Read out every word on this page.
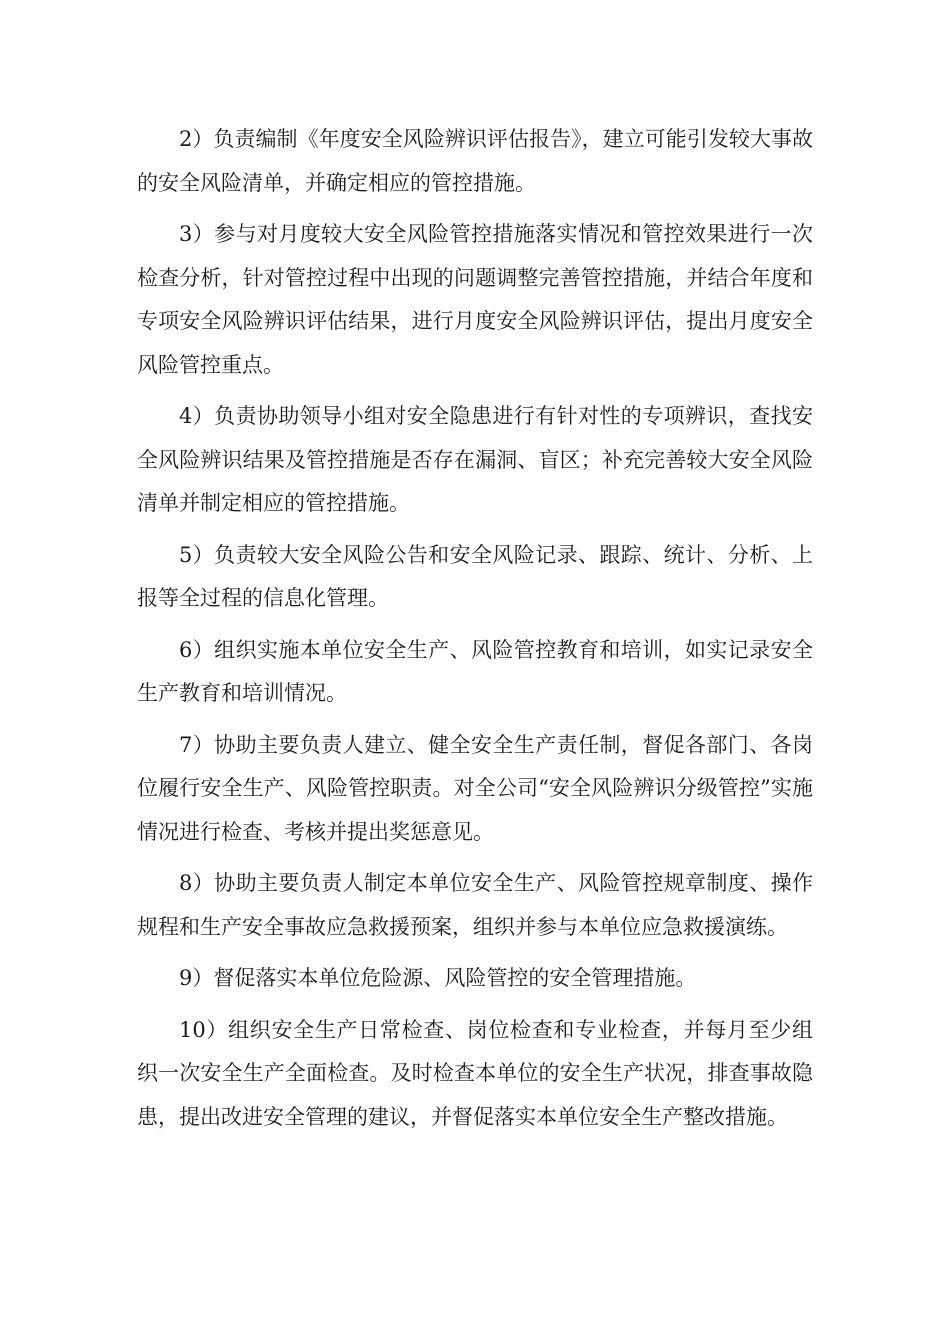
2）负责编制《年度安全风险辨识评估报告》，建立可能引发较大事故的安全风险清单，并确定相应的管控措施。

3）参与对月度较大安全风险管控措施落实情况和管控效果进行一次检查分析，针对管控过程中出现的问题调整完善管控措施，并结合年度和专项安全风险辨识评估结果，进行月度安全风险辨识评估，提出月度安全风险管控重点。

4）负责协助领导小组对安全隐患进行有针对性的专项辨识，查找安全风险辨识结果及管控措施是否存在漏洞、盲区；补充完善较大安全风险清单并制定相应的管控措施。

5）负责较大安全风险公告和安全风险记录、跟踪、统计、分析、上报等全过程的信息化管理。

6）组织实施本单位安全生产、风险管控教育和培训，如实记录安全生产教育和培训情况。

7）协助主要负责人建立、健全安全生产责任制，督促各部门、各岗位履行安全生产、风险管控职责。对全公司“安全风险辨识分级管控”实施情况进行检查、考核并提出奖惩意见。

8）协助主要负责人制定本单位安全生产、风险管控规章制度、操作规程和生产安全事故应急救援预案，组织并参与本单位应急救援演练。

9）督促落实本单位危险源、风险管控的安全管理措施。

10）组织安全生产日常检查、岗位检查和专业检查，并每月至少组织一次安全生产全面检查。及时检查本单位的安全生产状况，排查事故隐患，提出改进安全管理的建议，并督促落实本单位安全生产整改措施。
